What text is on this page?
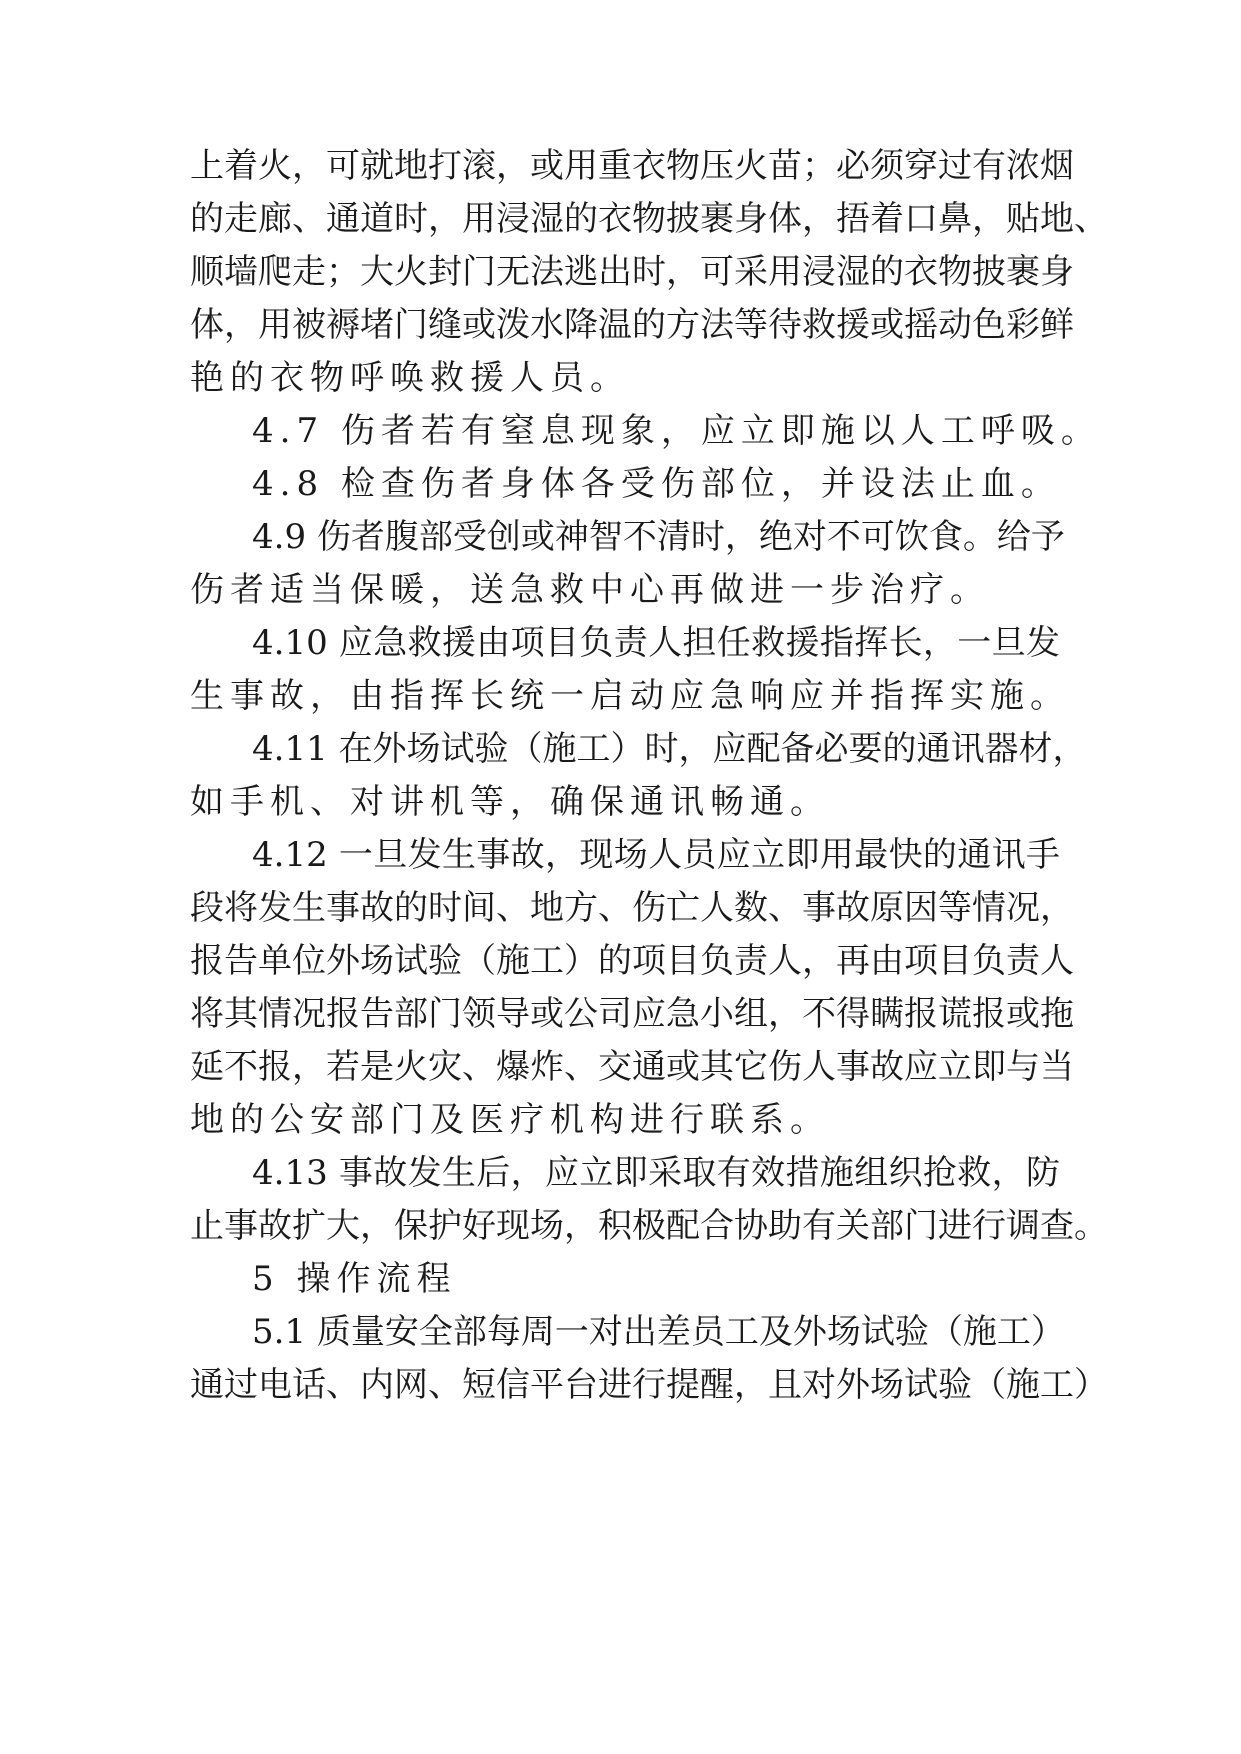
上着火，可就地打滚，或用重衣物压火苗；必须穿过有浓烟
的走廊、通道时，用浸湿的衣物披裹身体，捂着口鼻，贴地、
顺墙爬走；大火封门无法逃出时，可采用浸湿的衣物披裹身
体，用被褥堵门缝或泼水降温的方法等待救援或摇动色彩鲜
艳的衣物呼唤救援人员。
4.7 伤者若有窒息现象，应立即施以人工呼吸。
4.8 检查伤者身体各受伤部位，并设法止血。
4.9 伤者腹部受创或神智不清时，绝对不可饮食。给予
伤者适当保暖，送急救中心再做进一步治疗。
4.10 应急救援由项目负责人担任救援指挥长，一旦发
生事故，由指挥长统一启动应急响应并指挥实施。
4.11 在外场试验（施工）时，应配备必要的通讯器材，
如手机、对讲机等，确保通讯畅通。
4.12 一旦发生事故，现场人员应立即用最快的通讯手
段将发生事故的时间、地方、伤亡人数、事故原因等情况，
报告单位外场试验（施工）的项目负责人，再由项目负责人
将其情况报告部门领导或公司应急小组，不得瞒报谎报或拖
延不报，若是火灾、爆炸、交通或其它伤人事故应立即与当
地的公安部门及医疗机构进行联系。
4.13 事故发生后，应立即采取有效措施组织抢救，防
止事故扩大，保护好现场，积极配合协助有关部门进行调查。
5 操作流程
5.1 质量安全部每周一对出差员工及外场试验（施工）
通过电话、内网、短信平台进行提醒，且对外场试验（施工）
